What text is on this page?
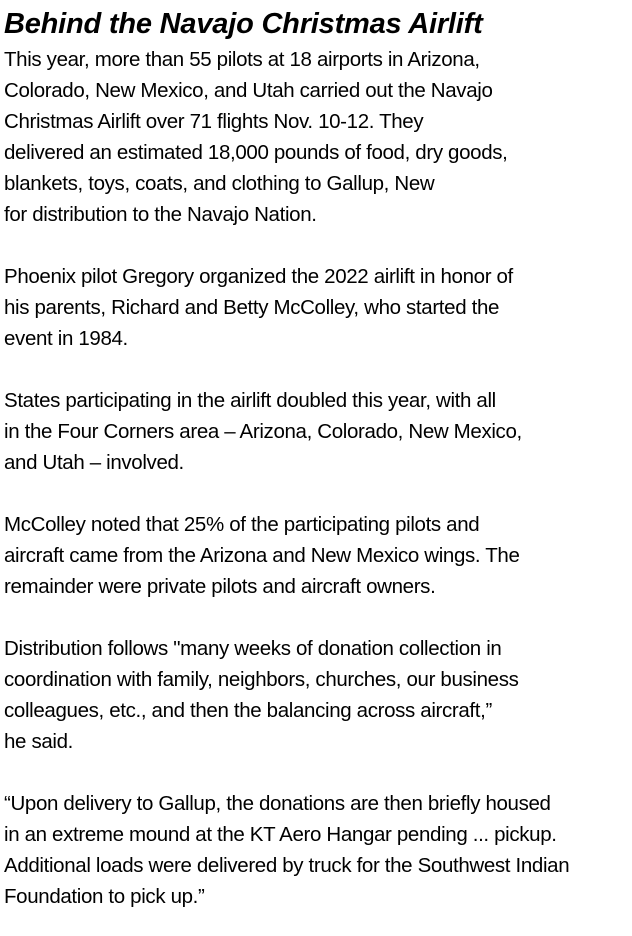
Behind the Navajo Christmas Airlift

This year, more than 55 pilots at 18 airports in Arizona,
Colorado, New Mexico, and Utah carried out the Navajo
Christmas Airlift over 71 flights Nov. 10-12. They
delivered an estimated 18,000 pounds of food, dry goods,
blankets, toys, coats, and clothing to Gallup, New
for distribution to the Navajo Nation.

Phoenix pilot Gregory organized the 2022 airlift in honor of
his parents, Richard and Betty McColley, who started the
event in 1984.

States participating in the airlift doubled this year, with all
in the Four Corners area – Arizona, Colorado, New Mexico,
and Utah – involved.

McColley noted that 25% of the participating pilots and
aircraft came from the Arizona and New Mexico wings. The
remainder were private pilots and aircraft owners.

Distribution follows "many weeks of donation collection in
coordination with family, neighbors, churches, our business
colleagues, etc., and then the balancing across aircraft,”
he said.

“Upon delivery to Gallup, the donations are then briefly housed
in an extreme mound at the KT Aero Hangar pending ... pickup.
Additional loads were delivered by truck for the Southwest Indian
Foundation to pick up.”
